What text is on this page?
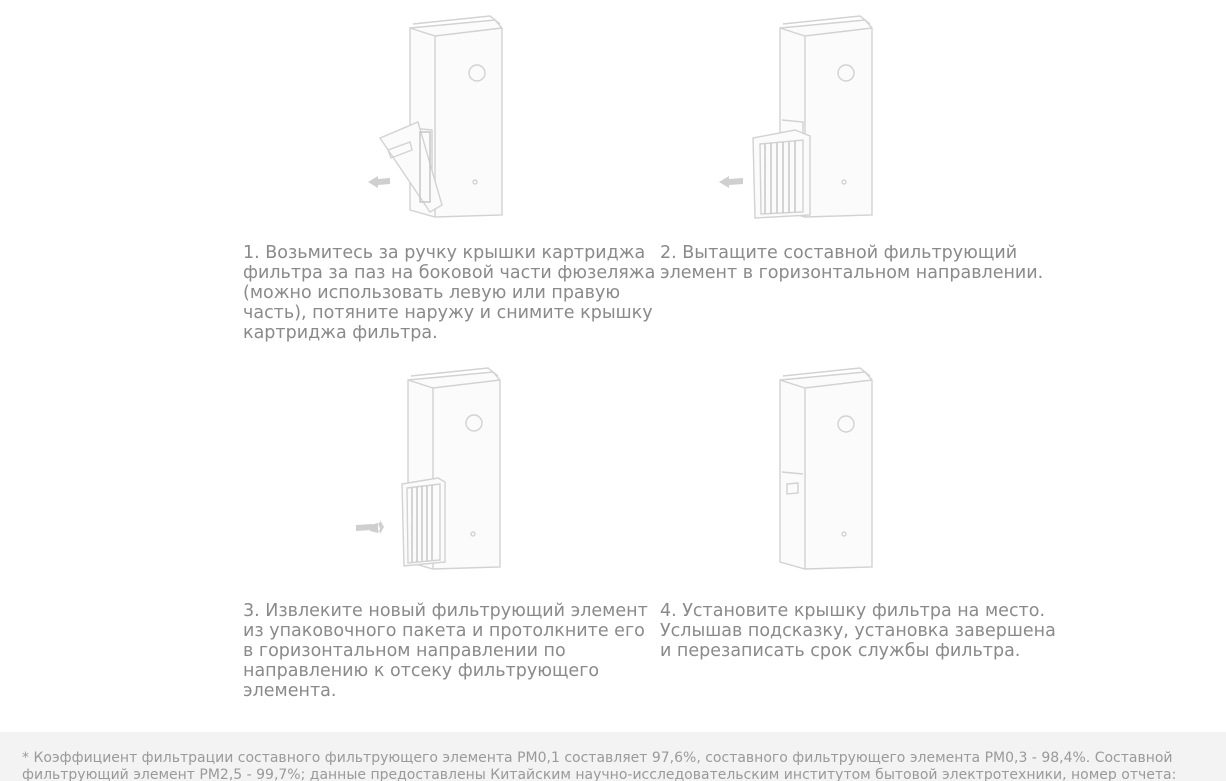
1. Возьмитесь за ручку крышки картриджа
фильтра за паз на боковой части фюзеляжа
(можно использовать левую или правую
часть), потяните наружу и снимите крышку
картриджа фильтра.
2. Вытащите составной фильтрующий
элемент в горизонтальном направлении.
3. Извлеките новый фильтрующий элемент
из упаковочного пакета и протолкните его
в горизонтальном направлении по
направлению к отсеку фильтрующего
элемента.
4. Установите крышку фильтра на место.
Услышав подсказку, установка завершена
и перезаписать срок службы фильтра.

* Коэффициент фильтрации составного фильтрующего элемента PM0,1 составляет 97,6%, составного фильтрующего элемента PM0,3 - 98,4%. Составной фильтрующий элемент PM2,5 - 99,7%; данные предоставлены Китайским научно-исследовательским институтом бытовой электротехники, номер отчета:
